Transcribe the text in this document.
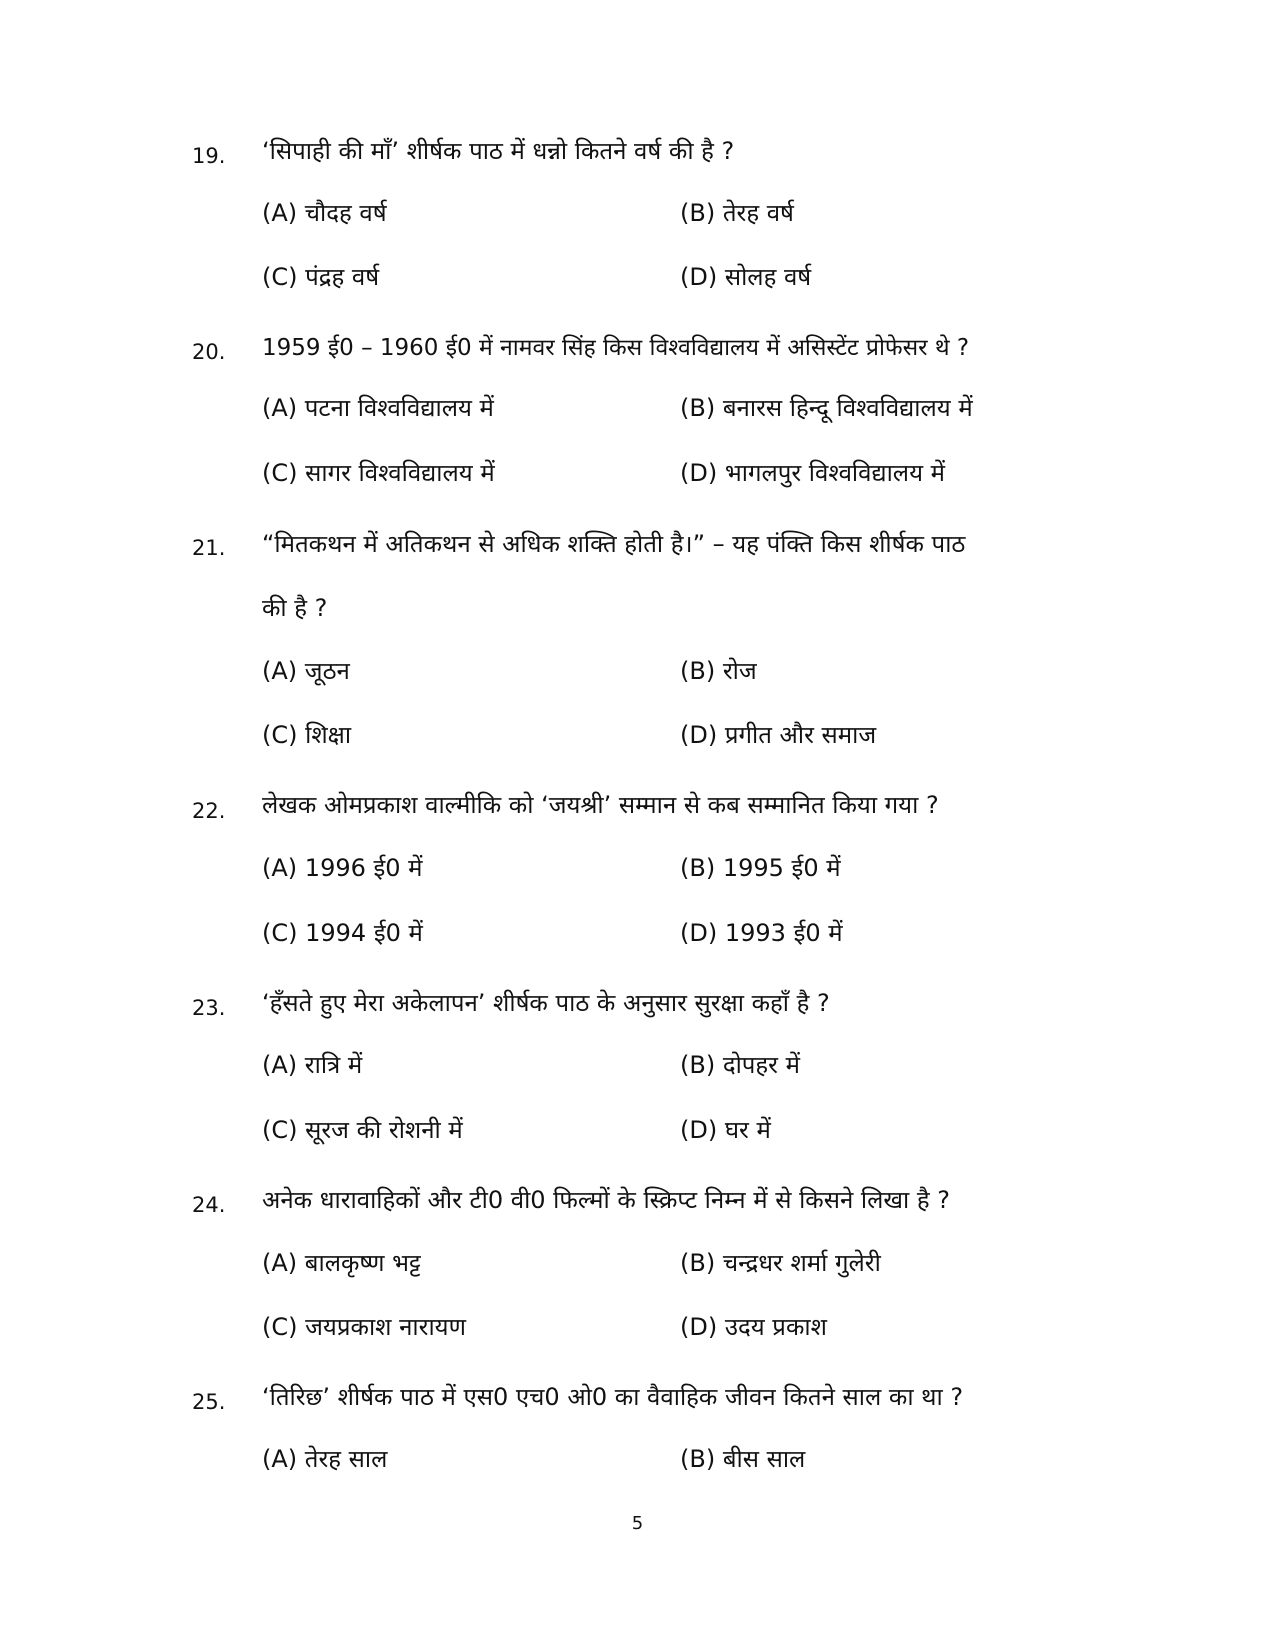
19. ‘सिपाही की माँ’ शीर्षक पाठ में धन्नो कितने वर्ष की है ?
(A) चौदह वर्ष	(B) तेरह वर्ष
(C) पंद्रह वर्ष	(D) सोलह वर्ष
20. 1959 ई0 – 1960 ई0 में नामवर सिंह किस विश्वविद्यालय में असिस्टेंट प्रोफेसर थे ?
(A) पटना विश्वविद्यालय में	(B) बनारस हिन्दू विश्वविद्यालय में
(C) सागर विश्वविद्यालय में	(D) भागलपुर विश्वविद्यालय में
21. “मितकथन में अतिकथन से अधिक शक्ति होती है।” – यह पंक्ति किस शीर्षक पाठ
की है ?
(A) जूठन	(B) रोज
(C) शिक्षा	(D) प्रगीत और समाज
22. लेखक ओमप्रकाश वाल्मीकि को ‘जयश्री’ सम्मान से कब सम्मानित किया गया ?
(A) 1996 ई0 में	(B) 1995 ई0 में
(C) 1994 ई0 में	(D) 1993 ई0 में
23. ‘हँसते हुए मेरा अकेलापन’ शीर्षक पाठ के अनुसार सुरक्षा कहाँ है ?
(A) रात्रि में	(B) दोपहर में
(C) सूरज की रोशनी में	(D) घर में
24. अनेक धारावाहिकों और टी0 वी0 फिल्मों के स्क्रिप्ट निम्न में से किसने लिखा है ?
(A) बालकृष्ण भट्ट	(B) चन्द्रधर शर्मा गुलेरी
(C) जयप्रकाश नारायण	(D) उदय प्रकाश
25. ‘तिरिछ’ शीर्षक पाठ में एस0 एच0 ओ0 का वैवाहिक जीवन कितने साल का था ?
(A) तेरह साल	(B) बीस साल
5
